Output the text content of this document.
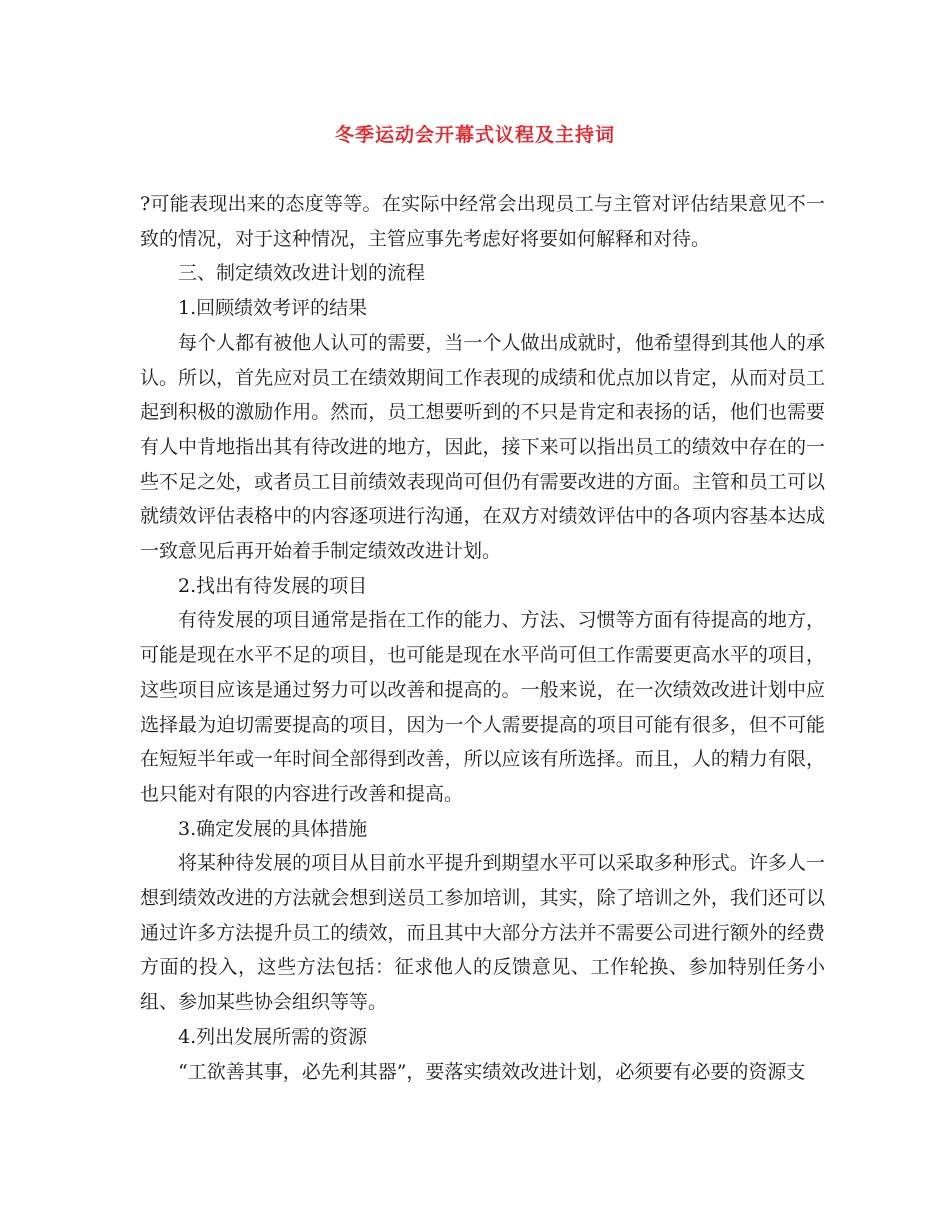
冬季运动会开幕式议程及主持词

?可能表现出来的态度等等。在实际中经常会出现员工与主管对评估结果意见不一致的情况，对于这种情况，主管应事先考虑好将要如何解释和对待。

三、制定绩效改进计划的流程

1.回顾绩效考评的结果

每个人都有被他人认可的需要，当一个人做出成就时，他希望得到其他人的承认。所以，首先应对员工在绩效期间工作表现的成绩和优点加以肯定，从而对员工起到积极的激励作用。然而，员工想要听到的不只是肯定和表扬的话，他们也需要有人中肯地指出其有待改进的地方，因此，接下来可以指出员工的绩效中存在的一些不足之处，或者员工目前绩效表现尚可但仍有需要改进的方面。主管和员工可以就绩效评估表格中的内容逐项进行沟通，在双方对绩效评估中的各项内容基本达成一致意见后再开始着手制定绩效改进计划。

2.找出有待发展的项目

有待发展的项目通常是指在工作的能力、方法、习惯等方面有待提高的地方，可能是现在水平不足的项目，也可能是现在水平尚可但工作需要更高水平的项目，这些项目应该是通过努力可以改善和提高的。一般来说，在一次绩效改进计划中应选择最为迫切需要提高的项目，因为一个人需要提高的项目可能有很多，但不可能在短短半年或一年时间全部得到改善，所以应该有所选择。而且，人的精力有限，也只能对有限的内容进行改善和提高。

3.确定发展的具体措施

将某种待发展的项目从目前水平提升到期望水平可以采取多种形式。许多人一想到绩效改进的方法就会想到送员工参加培训，其实，除了培训之外，我们还可以通过许多方法提升员工的绩效，而且其中大部分方法并不需要公司进行额外的经费方面的投入，这些方法包括：征求他人的反馈意见、工作轮换、参加特别任务小组、参加某些协会组织等等。

4.列出发展所需的资源

“工欲善其事，必先利其器”，要落实绩效改进计划，必须要有必要的资源支
